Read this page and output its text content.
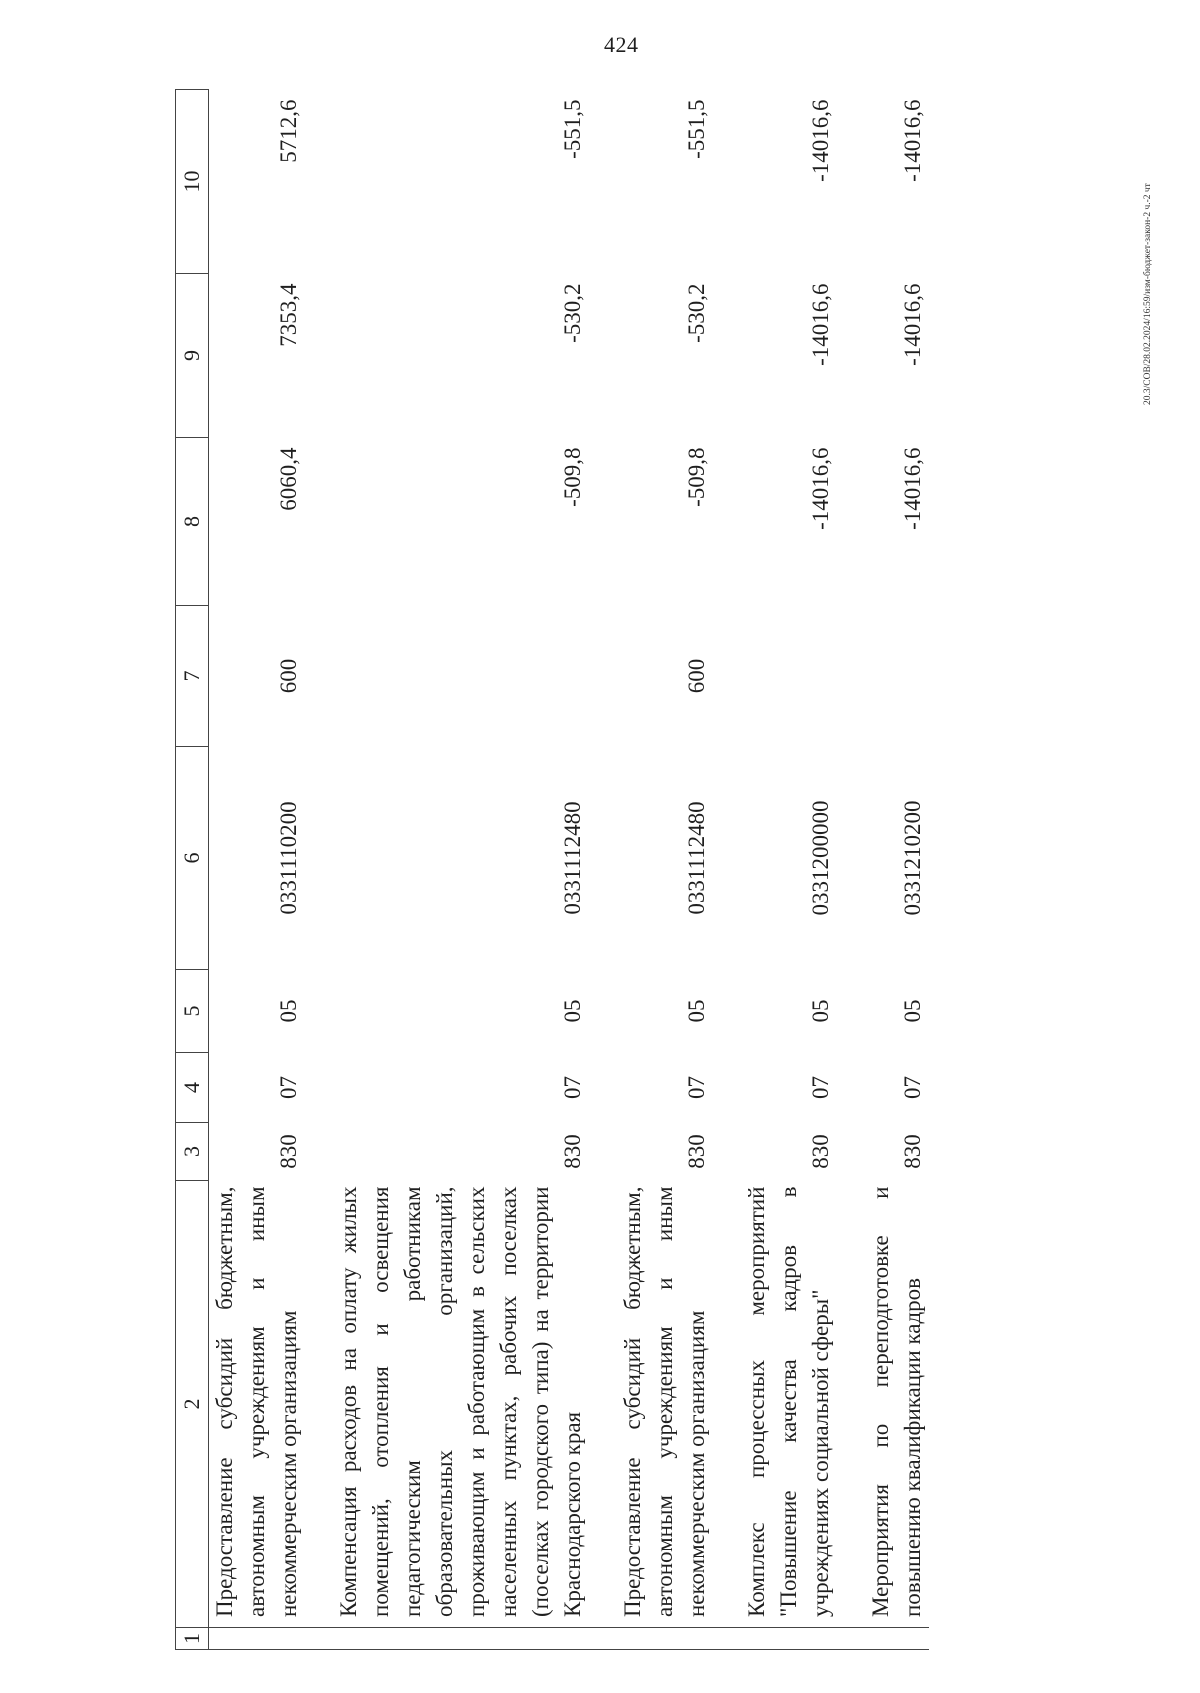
424
20.3/СОВ/28.02.2024/16:59/изм-бюджет-закон-2 ч.-2 чт
1	2	3	4	5	6	7	8	9	10
	Предоставление субсидий бюджетным, автономным учреждениям и иным некоммерческим организациям	830	07	05	0331110200	600	6060,4	7353,4	5712,6

	Компенсация расходов на оплату жилых помещений, отопления и освещения педагогическим работникам образовательных организаций, проживающим и работающим в сельских населенных пунктах, рабочих поселках (поселках городского типа) на территории Краснодарского края	830	07	05	0331112480		-509,8	-530,2	-551,5

	Предоставление субсидий бюджетным, автономным учреждениям и иным некоммерческим организациям	830	07	05	0331112480	600	-509,8	-530,2	-551,5

	Комплекс процессных мероприятий "Повышение качества кадров в учреждениях социальной сферы"	830	07	05	0331200000		-14016,6	-14016,6	-14016,6

	Мероприятия по переподготовке и повышению квалификации кадров	830	07	05	0331210200		-14016,6	-14016,6	-14016,6
